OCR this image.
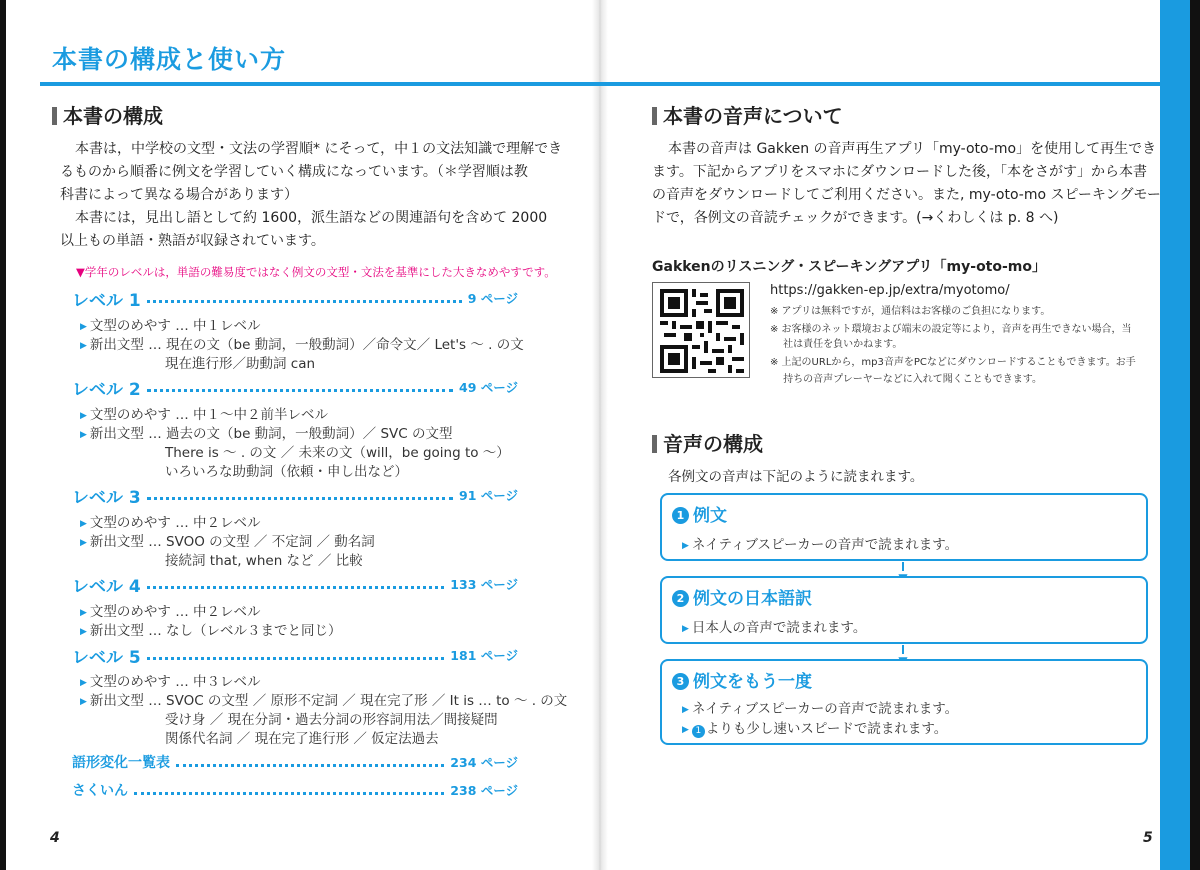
本書の構成と使い方
本書の構成
本書は，中学校の文型・文法の学習順* にそって，中１の文法知識で理解でき
るものから順番に例文を学習していく構成になっています。（＊学習順は教
科書によって異なる場合があります）
本書には，見出し語として約 1600，派生語などの関連語句を含めて 2000
以上もの単語・熟語が収録されています。
▼学年のレベルは，単語の難易度ではなく例文の文型・文法を基準にした大きなめやすです。
レベル 1	9 ページ
▶ 文型のめやす … 中１レベル
▶ 新出文型 … 現在の文（be 動詞，一般動詞）／命令文／ Let's ～ . の文
現在進行形／助動詞 can
レベル 2	49 ページ
▶ 文型のめやす … 中１～中２前半レベル
▶ 新出文型 … 過去の文（be 動詞，一般動詞）／ SVC の文型
There is ～ . の文 ／ 未来の文（will，be going to ～）
いろいろな助動詞（依頼・申し出など）
レベル 3	91 ページ
▶ 文型のめやす … 中２レベル
▶ 新出文型 … SVOO の文型 ／ 不定詞 ／ 動名詞
接続詞 that, when など ／ 比較
レベル 4	133 ページ
▶ 文型のめやす … 中２レベル
▶ 新出文型 … なし（レベル３までと同じ）
レベル 5	181 ページ
▶ 文型のめやす … 中３レベル
▶ 新出文型 … SVOC の文型 ／ 原形不定詞 ／ 現在完了形 ／ It is … to ～ . の文
受け身 ／ 現在分詞・過去分詞の形容詞用法／間接疑問
関係代名詞 ／ 現在完了進行形 ／ 仮定法過去
語形変化一覧表	234 ページ
さくいん	238 ページ
4
本書の音声について
本書の音声は Gakken の音声再生アプリ「my-oto-mo」を使用して再生でき
ます。下記からアプリをスマホにダウンロードした後，「本をさがす」から本書
の音声をダウンロードしてご利用ください。また, my-oto-mo スピーキングモー
ドで，各例文の音読チェックができます。(→くわしくは p. 8 へ)
Gakkenのリスニング・スピーキングアプリ「my-oto-mo」
https://gakken-ep.jp/extra/myotomo/
※ アプリは無料ですが，通信料はお客様のご負担になります。
※ お客様のネット環境および端末の設定等により，音声を再生できない場合，当
　 社は責任を負いかねます。
※ 上記のURLから，mp3音声をPCなどにダウンロードすることもできます。お手
　 持ちの音声プレーヤーなどに入れて聞くこともできます。
音声の構成
各例文の音声は下記のように読まれます。
1 例文
▶ ネイティブスピーカーの音声で読まれます。
2 例文の日本語訳
▶ 日本人の音声で読まれます。
3 例文をもう一度
▶ ネイティブスピーカーの音声で読まれます。
▶ 1 よりも少し速いスピードで読まれます。
5
